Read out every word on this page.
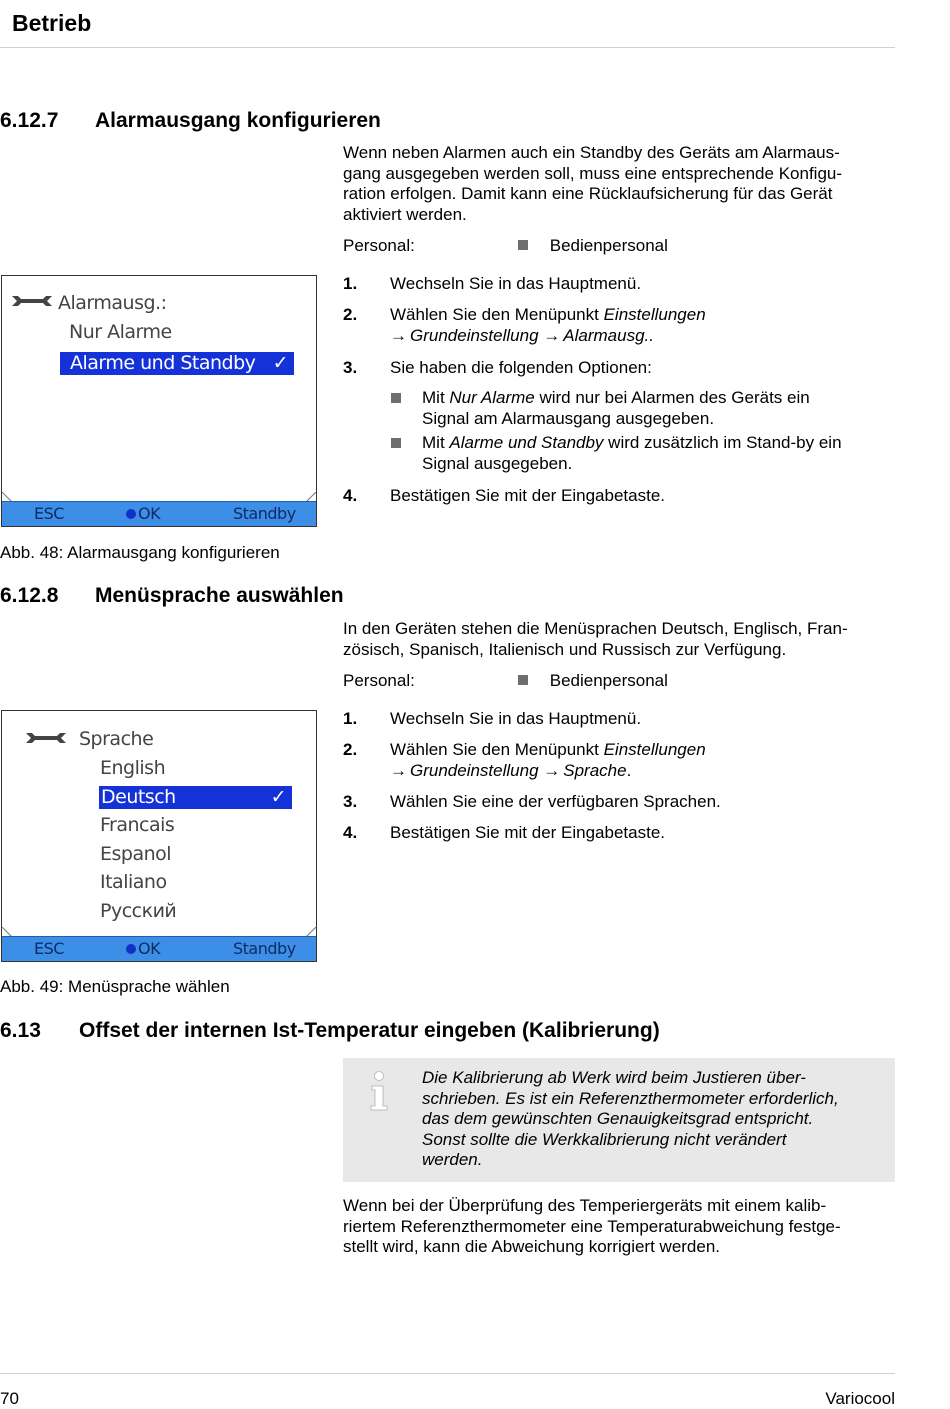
Betrieb
6.12.7 Alarmausgang konfigurieren
Wenn neben Alarmen auch ein Standby des Geräts am Alarmaus-
gang ausgegeben werden soll, muss eine entsprechende Konfigu-
ration erfolgen. Damit kann eine Rücklaufsicherung für das Gerät
aktiviert werden.
Personal:	Bedienpersonal
1. Wechseln Sie in das Hauptmenü.
2. Wählen Sie den Menüpunkt Einstellungen
→ Grundeinstellung → Alarmausg..
3. Sie haben die folgenden Optionen:
Mit Nur Alarme wird nur bei Alarmen des Geräts ein
Signal am Alarmausgang ausgegeben.
Mit Alarme und Standby wird zusätzlich im Stand-by ein
Signal ausgegeben.
4. Bestätigen Sie mit der Eingabetaste.
Alarmausg.:
Nur Alarme
Alarme und Standby ✓
ESC	OK	Standby
Abb. 48: Alarmausgang konfigurieren
6.12.8 Menüsprache auswählen
In den Geräten stehen die Menüsprachen Deutsch, Englisch, Fran-
zösisch, Spanisch, Italienisch und Russisch zur Verfügung.
Personal:	Bedienpersonal
1. Wechseln Sie in das Hauptmenü.
2. Wählen Sie den Menüpunkt Einstellungen
→ Grundeinstellung → Sprache.
3. Wählen Sie eine der verfügbaren Sprachen.
4. Bestätigen Sie mit der Eingabetaste.
Sprache
English
Deutsch	✓
Francais
Espanol
Italiano
Русский
ESC	OK	Standby
Abb. 49: Menüsprache wählen
6.13 Offset der internen Ist-Temperatur eingeben (Kalibrierung)
Die Kalibrierung ab Werk wird beim Justieren über-
schrieben. Es ist ein Referenzthermometer erforderlich,
das dem gewünschten Genauigkeitsgrad entspricht.
Sonst sollte die Werkkalibrierung nicht verändert
werden.
Wenn bei der Überprüfung des Temperiergeräts mit einem kalib-
riertem Referenzthermometer eine Temperaturabweichung festge-
stellt wird, kann die Abweichung korrigiert werden.
70	Variocool
